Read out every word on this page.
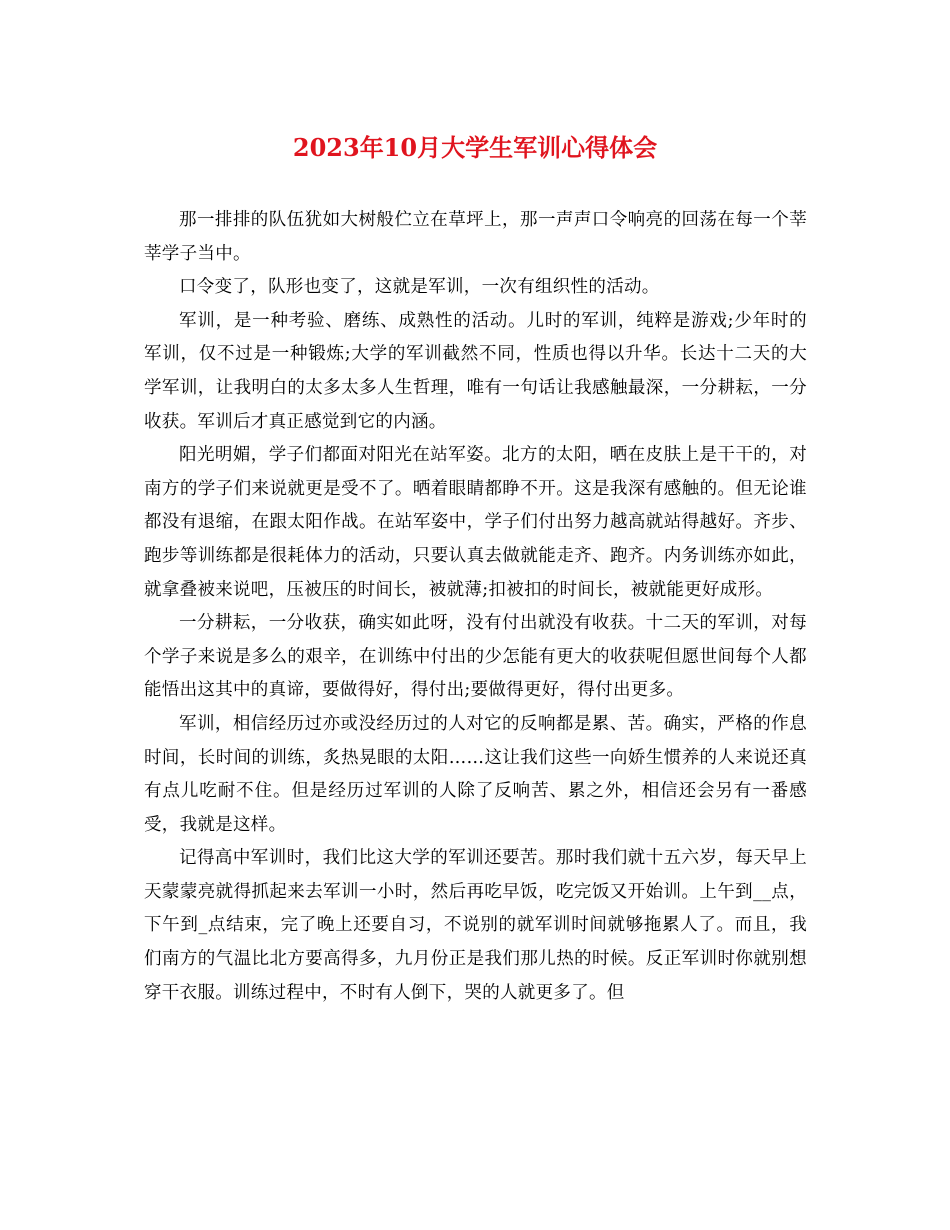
2023年10月大学生军训心得体会

那一排排的队伍犹如大树般伫立在草坪上，那一声声口令响亮的回荡在每一个莘莘学子当中。

口令变了，队形也变了，这就是军训，一次有组织性的活动。

军训，是一种考验、磨练、成熟性的活动。儿时的军训，纯粹是游戏;少年时的军训，仅不过是一种锻炼;大学的军训截然不同，性质也得以升华。长达十二天的大学军训，让我明白的太多太多人生哲理，唯有一句话让我感触最深，一分耕耘，一分收获。军训后才真正感觉到它的内涵。

阳光明媚，学子们都面对阳光在站军姿。北方的太阳，晒在皮肤上是干干的，对南方的学子们来说就更是受不了。晒着眼睛都睁不开。这是我深有感触的。但无论谁都没有退缩，在跟太阳作战。在站军姿中，学子们付出努力越高就站得越好。齐步、跑步等训练都是很耗体力的活动，只要认真去做就能走齐、跑齐。内务训练亦如此，就拿叠被来说吧，压被压的时间长，被就薄;扣被扣的时间长，被就能更好成形。

一分耕耘，一分收获，确实如此呀，没有付出就没有收获。十二天的军训，对每个学子来说是多么的艰辛，在训练中付出的少怎能有更大的收获呢但愿世间每个人都能悟出这其中的真谛，要做得好，得付出;要做得更好，得付出更多。

军训，相信经历过亦或没经历过的人对它的反响都是累、苦。确实，严格的作息时间，长时间的训练，炙热晃眼的太阳……这让我们这些一向娇生惯养的人来说还真有点儿吃耐不住。但是经历过军训的人除了反响苦、累之外，相信还会另有一番感受，我就是这样。

记得高中军训时，我们比这大学的军训还要苦。那时我们就十五六岁，每天早上天蒙蒙亮就得抓起来去军训一小时，然后再吃早饭，吃完饭又开始训。上午到__点，下午到_点结束，完了晚上还要自习，不说别的就军训时间就够拖累人了。而且，我们南方的气温比北方要高得多，九月份正是我们那儿热的时候。反正军训时你就别想穿干衣服。训练过程中，不时有人倒下，哭的人就更多了。但
